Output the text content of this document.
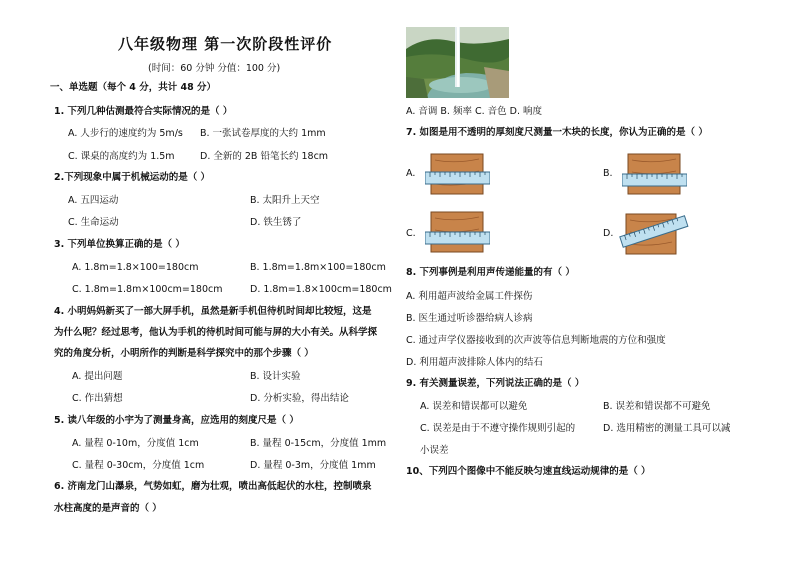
八年级物理 第一次阶段性评价
(时间：60 分钟 分值：100 分)
一、单选题（每个 4 分，共计 48 分）
1. 下列几种估测最符合实际情况的是（ ）
A. 人步行的速度约为 5m/s B. 一张试卷厚度的大约 1mm
C. 课桌的高度约为 1.5m	D. 全新的 2B 铅笔长约 18cm
2.下列现象中属于机械运动的是（ ）
A. 五四运动	B. 太阳升上天空
C. 生命运动	D. 铁生锈了
3. 下列单位换算正确的是（ ）
A. 1.8m=1.8×100=180cm	B. 1.8m=1.8m×100=180cm
C. 1.8m=1.8m×100cm=180cm	D. 1.8m=1.8×100cm=180cm
4. 小明妈妈新买了一部大屏手机，虽然是新手机但待机时间却比较短，这是
为什么呢？经过思考，他认为手机的待机时间可能与屏的大小有关。从科学探
究的角度分析，小明所作的判断是科学探究中的那个步骤（ ）
A. 提出问题	B. 设计实验
C. 作出猜想	D. 分析实验，得出结论
5. 读八年级的小宇为了测量身高，应选用的刻度尺是（ ）
A. 量程 0-10m，分度值 1cm	B. 量程 0-15cm，分度值 1mm
C. 量程 0-30cm，分度值 1cm	D. 量程 0-3m，分度值 1mm
6. 济南龙门山瀑泉，气势如虹，磨为壮观，喷出高低起伏的水柱，控制喷泉
水柱高度的是声音的（ ）
A. 音调 B. 频率 C. 音色 D. 响度
7. 如图是用不透明的厚刻度尺测量一木块的长度，你认为正确的是（ ）
A.	B.
C.	D.
8. 下列事例是利用声传递能量的有（ ）
A. 利用超声波给金属工件探伤
B. 医生通过听诊器给病人诊病
C. 通过声学仪器接收到的次声波等信息判断地震的方位和强度
D. 利用超声波排除人体内的结石
9. 有关测量误差，下列说法正确的是（ ）
A. 误差和错误都可以避免	B. 误差和错误都不可避免
C. 误差是由于不遵守操作规则引起的	D. 选用精密的测量工具可以减
小误差
10、下列四个图像中不能反映匀速直线运动规律的是（ ）
